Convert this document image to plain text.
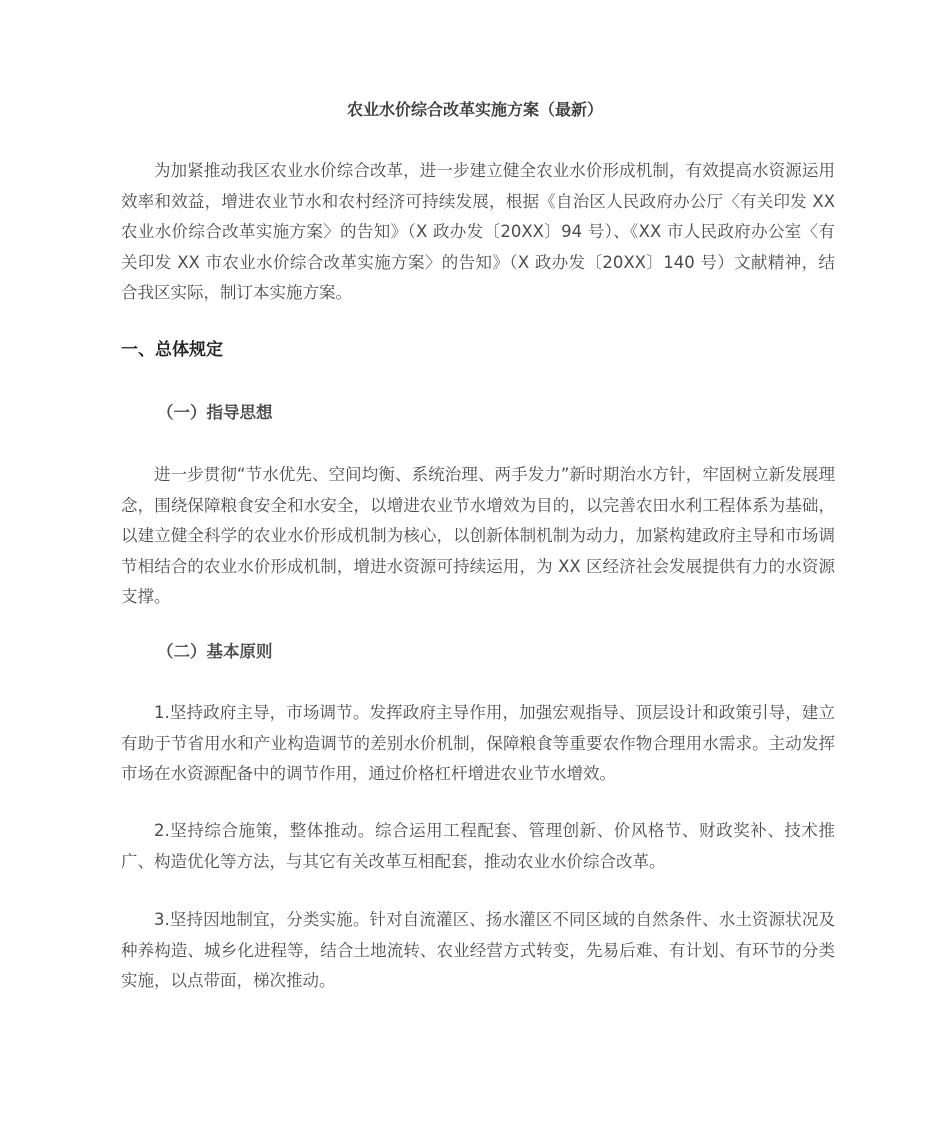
农业水价综合改革实施方案（最新）

为加紧推动我区农业水价综合改革，进一步建立健全农业水价形成机制，有效提高水资源运用效率和效益，增进农业节水和农村经济可持续发展，根据《自治区人民政府办公厅〈有关印发 XX 农业水价综合改革实施方案〉的告知》（X 政办发〔20XX〕94 号）、《XX 市人民政府办公室〈有关印发 XX 市农业水价综合改革实施方案〉的告知》（X 政办发〔20XX〕140 号）文献精神，结合我区实际，制订本实施方案。

一、总体规定
（一）指导思想

进一步贯彻“节水优先、空间均衡、系统治理、两手发力”新时期治水方针，牢固树立新发展理念，围绕保障粮食安全和水安全，以增进农业节水增效为目的，以完善农田水利工程体系为基础，以建立健全科学的农业水价形成机制为核心，以创新体制机制为动力，加紧构建政府主导和市场调节相结合的农业水价形成机制，增进水资源可持续运用，为 XX 区经济社会发展提供有力的水资源支撑。

（二）基本原则

1.坚持政府主导，市场调节。发挥政府主导作用，加强宏观指导、顶层设计和政策引导，建立有助于节省用水和产业构造调节的差别水价机制，保障粮食等重要农作物合理用水需求。主动发挥市场在水资源配备中的调节作用，通过价格杠杆增进农业节水增效。

2.坚持综合施策，整体推动。综合运用工程配套、管理创新、价风格节、财政奖补、技术推广、构造优化等方法，与其它有关改革互相配套，推动农业水价综合改革。

3.坚持因地制宜，分类实施。针对自流灌区、扬水灌区不同区域的自然条件、水土资源状况及种养构造、城乡化进程等，结合土地流转、农业经营方式转变，先易后难、有计划、有环节的分类实施，以点带面，梯次推动。
